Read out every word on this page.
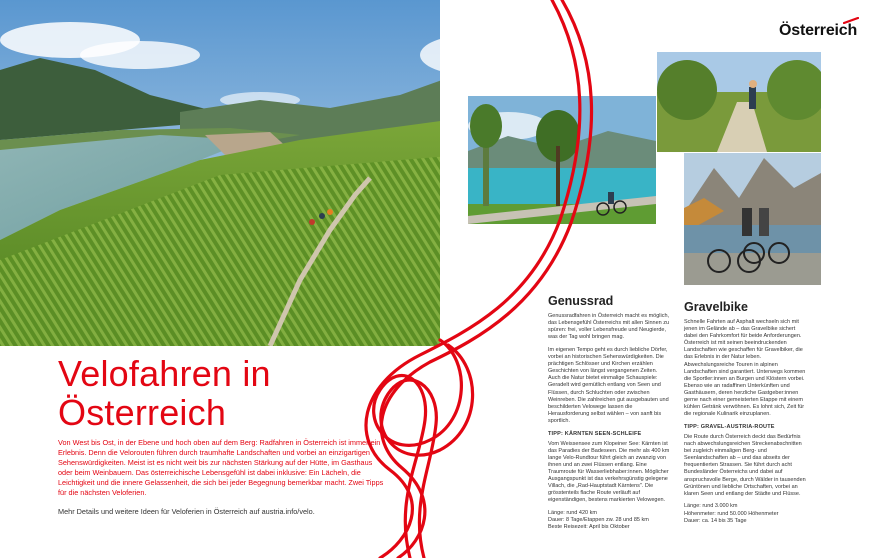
Velofahren in
Österreich

Von West bis Ost, in der Ebene und hoch oben auf dem Berg: Radfahren in Österreich ist immer ein Erlebnis. Denn die Velorouten führen durch traumhafte Landschaften und vorbei an einzigartigen Sehenswürdigkeiten. Meist ist es nicht weit bis zur nächsten Stärkung auf der Hütte, im Gasthaus oder beim Weinbauern. Das österreichische Lebensgefühl ist dabei inklusive: Ein Lächeln, die Leichtigkeit und die innere Gelassenheit, die sich bei jeder Begegnung bemerkbar macht. Zwei Tipps für die nächsten Veloferien.

Mehr Details und weitere Ideen für Veloferien in Österreich auf austria.info/velo.

Österreich
Genussrad

Genussradfahren in Österreich macht es möglich, das Lebensgefühl Österreichs mit allen Sinnen zu spüren: frei, voller Lebensfreude und Neugierde, was der Tag wohl bringen mag.

Im eigenen Tempo geht es durch liebliche Dörfer, vorbei an historischen Sehenswürdigkeiten. Die prächtigen Schlösser und Kirchen erzählen Geschichten von längst vergangenen Zeiten. Auch die Natur bietet einmalige Schauspiele: Geradelt wird gemütlich entlang von Seen und Flüssen, durch Schluchten oder zwischen Weinreben. Die zahlreichen gut ausgebauten und beschilderten Velowege lassen die Herausforderung selbst wählen – von sanft bis sportlich.

TIPP: KÄRNTEN SEEN-SCHLEIFE
Vom Weissensee zum Klopeiner See: Kärnten ist das Paradies der Badeseen. Die mehr als 400 km lange Velo-Rundtour führt gleich an zwanzig von ihnen und an zwei Flüssen entlang. Eine Traumroute für Wasserliebhaber:innen. Möglicher Ausgangspunkt ist das verkehrsgünstig gelegene Villach, die „Rad-Hauptstadt Kärntens". Die grösstenteils flache Route verläuft auf eigenständigen, bestens markierten Velowegen.

Länge: rund 420 km
Dauer: 8 Tage/Etappen zw. 28 und 85 km
Beste Reisezeit: April bis Oktober

Gravelbike

Schnelle Fahrten auf Asphalt wechseln sich mit jenen im Gelände ab – das Gravelbike sichert dabei den Fahrkomfort für beide Anforderungen. Österreich ist mit seinen beeindruckenden Landschaften wie geschaffen für Gravelbiker, die das Erlebnis in der Natur leben. Abwechslungsreiche Touren in alpinen Landschaften sind garantiert. Unterwegs kommen die Sportler:innen an Burgen und Klöstern vorbei. Ebenso wie an radaffinen Unterkünften und Gasthäusern, deren herzliche Gastgeber:innen gerne nach einer gemeisterten Etappe mit einem kühlen Getränk verwöhnen. Es lohnt sich, Zeit für die regionale Kulinarik einzuplanen.

TIPP: GRAVEL-AUSTRIA-ROUTE
Die Route durch Österreich deckt das Bedürfnis nach abwechslungsreichen Streckenabschnitten bei zugleich einmaligen Berg- und Seenlandschaften ab – und das abseits der frequentierten Strassen. Sie führt durch acht Bundesländer Österreichs und dabei auf anspruchsvolle Berge, durch Wälder in tausenden Grüntönen und liebliche Ortschaften, vorbei an klaren Seen und entlang der Städte und Flüsse.

Länge: rund 3.000 km
Höhenmeter: rund 50.000 Höhenmeter
Dauer: ca. 14 bis 35 Tage
